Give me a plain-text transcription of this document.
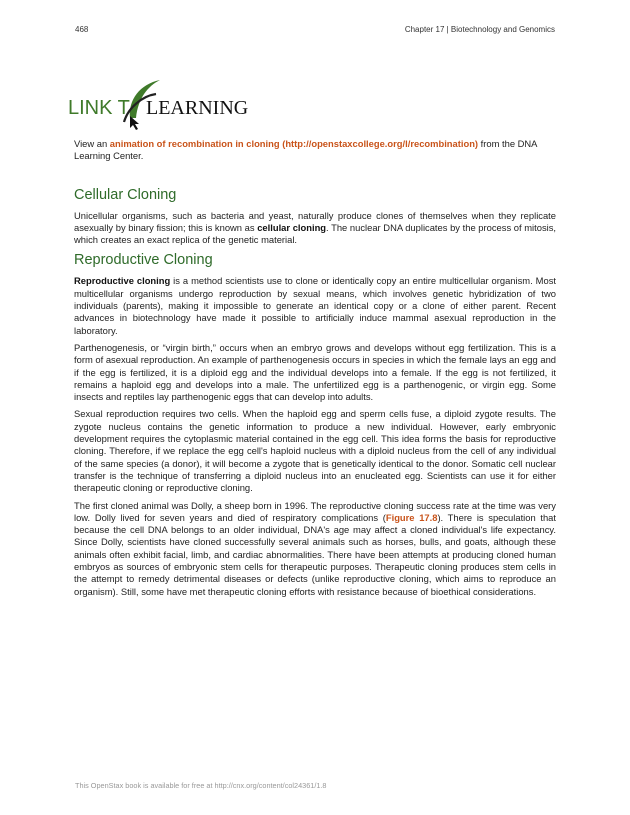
468	Chapter 17 | Biotechnology and Genomics
LINK T LEARNING

View an animation of recombination in cloning (http://openstaxcollege.org/l/recombination) from the DNA Learning Center.

Cellular Cloning

Unicellular organisms, such as bacteria and yeast, naturally produce clones of themselves when they replicate asexually by binary fission; this is known as cellular cloning. The nuclear DNA duplicates by the process of mitosis, which creates an exact replica of the genetic material.

Reproductive Cloning

Reproductive cloning is a method scientists use to clone or identically copy an entire multicellular organism. Most multicellular organisms undergo reproduction by sexual means, which involves genetic hybridization of two individuals (parents), making it impossible to generate an identical copy or a clone of either parent. Recent advances in biotechnology have made it possible to artificially induce mammal asexual reproduction in the laboratory.

Parthenogenesis, or “virgin birth,” occurs when an embryo grows and develops without egg fertilization. This is a form of asexual reproduction. An example of parthenogenesis occurs in species in which the female lays an egg and if the egg is fertilized, it is a diploid egg and the individual develops into a female. If the egg is not fertilized, it remains a haploid egg and develops into a male. The unfertilized egg is a parthenogenic, or virgin egg. Some insects and reptiles lay parthenogenic eggs that can develop into adults.

Sexual reproduction requires two cells. When the haploid egg and sperm cells fuse, a diploid zygote results. The zygote nucleus contains the genetic information to produce a new individual. However, early embryonic development requires the cytoplasmic material contained in the egg cell. This idea forms the basis for reproductive cloning. Therefore, if we replace the egg cell's haploid nucleus with a diploid nucleus from the cell of any individual of the same species (a donor), it will become a zygote that is genetically identical to the donor. Somatic cell nuclear transfer is the technique of transferring a diploid nucleus into an enucleated egg. Scientists can use it for either therapeutic cloning or reproductive cloning.

The first cloned animal was Dolly, a sheep born in 1996. The reproductive cloning success rate at the time was very low. Dolly lived for seven years and died of respiratory complications (Figure 17.8). There is speculation that because the cell DNA belongs to an older individual, DNA's age may affect a cloned individual's life expectancy. Since Dolly, scientists have cloned successfully several animals such as horses, bulls, and goats, although these animals often exhibit facial, limb, and cardiac abnormalities. There have been attempts at producing cloned human embryos as sources of embryonic stem cells for therapeutic purposes. Therapeutic cloning produces stem cells in the attempt to remedy detrimental diseases or defects (unlike reproductive cloning, which aims to reproduce an organism). Still, some have met therapeutic cloning efforts with resistance because of bioethical considerations.

This OpenStax book is available for free at http://cnx.org/content/col24361/1.8
